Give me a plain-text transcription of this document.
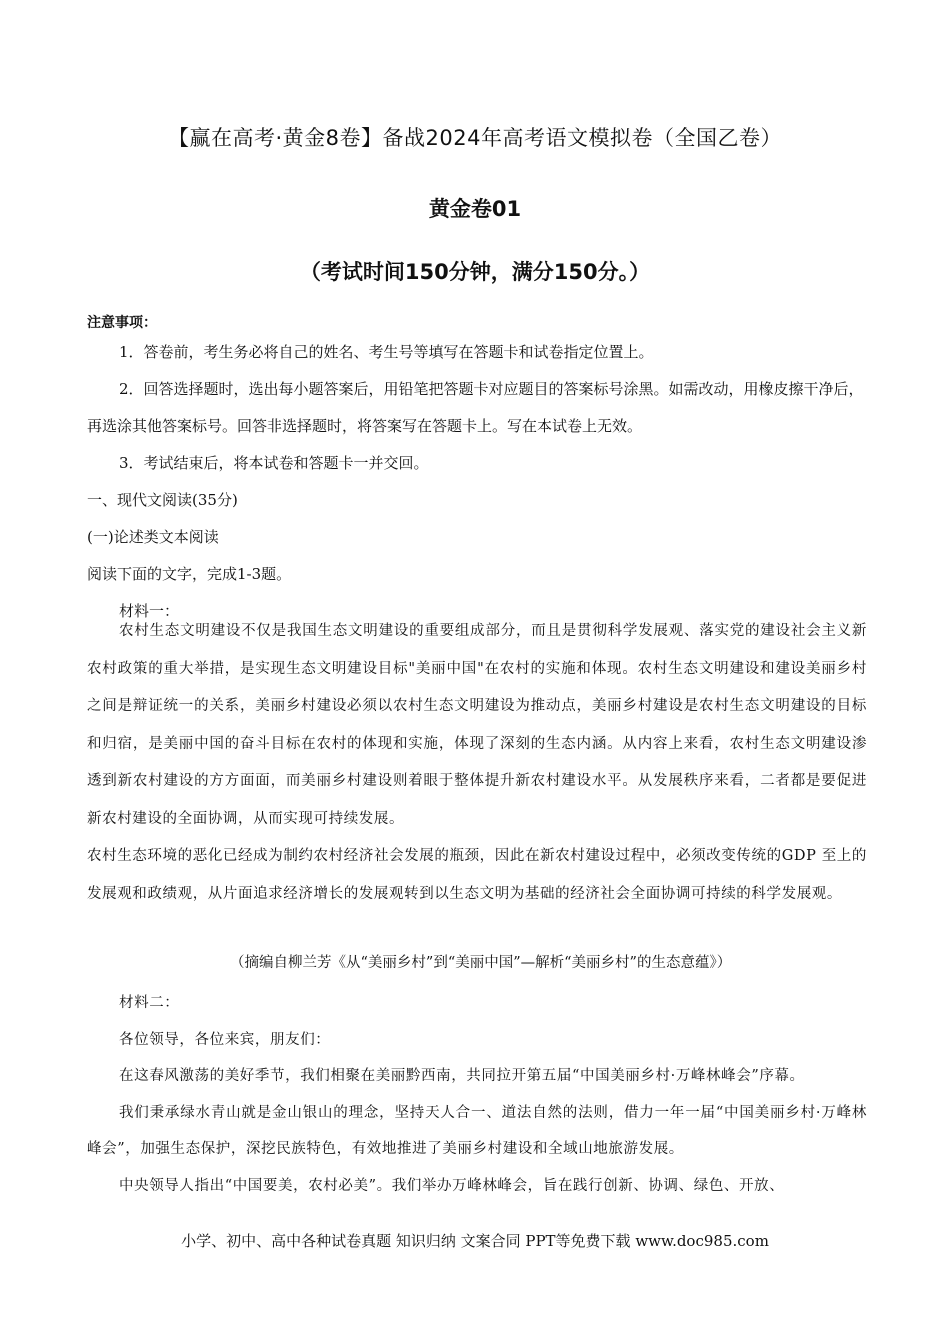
【赢在高考·黄金8卷】备战2024年高考语文模拟卷（全国乙卷）
黄金卷01
（考试时间150分钟，满分150分。）
注意事项：

1．答卷前，考生务必将自己的姓名、考生号等填写在答题卡和试卷指定位置上。

2．回答选择题时，选出每小题答案后，用铅笔把答题卡对应题目的答案标号涂黑。如需改动，用橡皮擦干净后，再选涂其他答案标号。回答非选择题时，将答案写在答题卡上。写在本试卷上无效。

3．考试结束后，将本试卷和答题卡一并交回。

一、现代文阅读(35分)

(一)论述类文本阅读

阅读下面的文字，完成1-3题。

材料一：

农村生态文明建设不仅是我国生态文明建设的重要组成部分，而且是贯彻科学发展观、落实党的建设社会主义新农村政策的重大举措，是实现生态文明建设目标"美丽中国"在农村的实施和体现。农村生态文明建设和建设美丽乡村之间是辩证统一的关系，美丽乡村建设必须以农村生态文明建设为推动点，美丽乡村建设是农村生态文明建设的目标和归宿，是美丽中国的奋斗目标在农村的体现和实施，体现了深刻的生态内涵。从内容上来看，农村生态文明建设渗透到新农村建设的方方面面，而美丽乡村建设则着眼于整体提升新农村建设水平。从发展秩序来看，二者都是要促进新农村建设的全面协调，从而实现可持续发展。

农村生态环境的恶化已经成为制约农村经济社会发展的瓶颈，因此在新农村建设过程中，必须改变传统的GDP 至上的发展观和政绩观，从片面追求经济增长的发展观转到以生态文明为基础的经济社会全面协调可持续的科学发展观。

（摘编自柳兰芳《从“美丽乡村”到“美丽中国”—解析“美丽乡村”的生态意蕴》）

材料二：

各位领导，各位来宾，朋友们：

在这春风激荡的美好季节，我们相聚在美丽黔西南，共同拉开第五届“中国美丽乡村·万峰林峰会”序幕。

我们秉承绿水青山就是金山银山的理念，坚持天人合一、道法自然的法则，借力一年一届“中国美丽乡村·万峰林峰会”，加强生态保护，深挖民族特色，有效地推进了美丽乡村建设和全域山地旅游发展。

中央领导人指出“中国要美，农村必美”。我们举办万峰林峰会，旨在践行创新、协调、绿色、开放、

小学、初中、高中各种试卷真题 知识归纳 文案合同 PPT等免费下载 www.doc985.com
